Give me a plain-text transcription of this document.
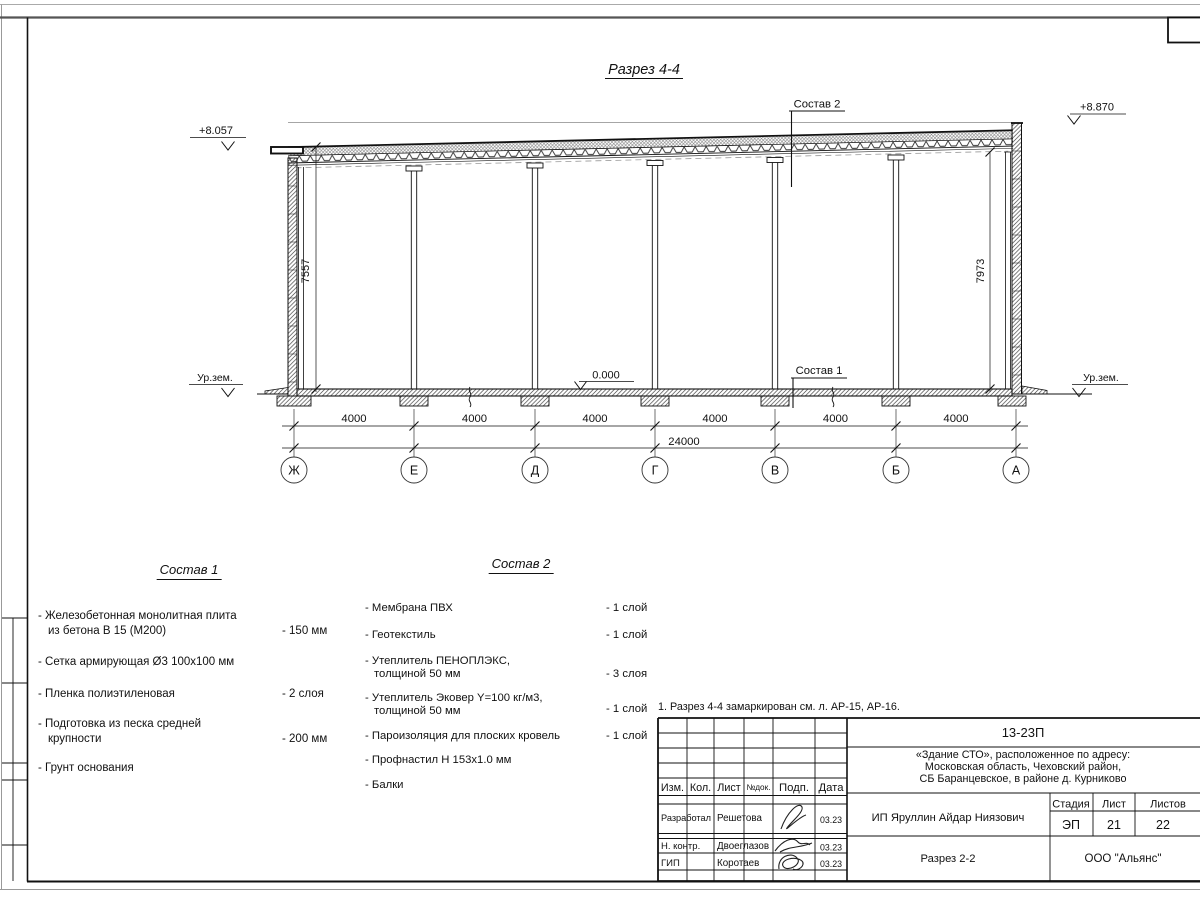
Разрез 4-4
Состав 2
Состав 1
+8.057
+8.870
0.000
Ур.зем.	Ур.зем.
7557	7973
4000	4000	4000	4000	4000	4000
24000
Ж	Е	Д	Г	В	Б	А
13-23П
«Здание СТО», расположенное по адресу:
Московская область, Чеховский район,
СБ Баранцевское, в районе д. Курниково
Изм. Кол. Лист №док. Подп. Дата
Разработал Решетова	03.23
Н. контр. Двоеглазов	03.23
ГИП	Коротаев	03.23
ИП Яруллин Айдар Ниязович
Разрез 2-2	ООО "Альянс"
Стадия Лист Листов
ЭП 21	22
1. Разрез 4-4 замаркирован см. л. АР-15, АР-16.
Состав 1
- Железобетонная монолитная плита
из бетона В 15 (М200)	- 150 мм
- Сетка армирующая Ø3 100х100 мм
- Пленка полиэтиленовая	- 2 слоя
- Подготовка из песка средней
крупности	- 200 мм
- Грунт основания
Состав 2
- Мембрана ПВХ	- 1 слой
- Геотекстиль	- 1 слой
- Утеплитель ПЕНОПЛЭКС,
толщиной 50 мм	- 3 слоя
- Утеплитель Эковер Y=100 кг/м3,
толщиной 50 мм	- 1 слой
- Пароизоляция для плоских кровель	- 1 слой
- Профнастил Н 153х1.0 мм
- Балки
